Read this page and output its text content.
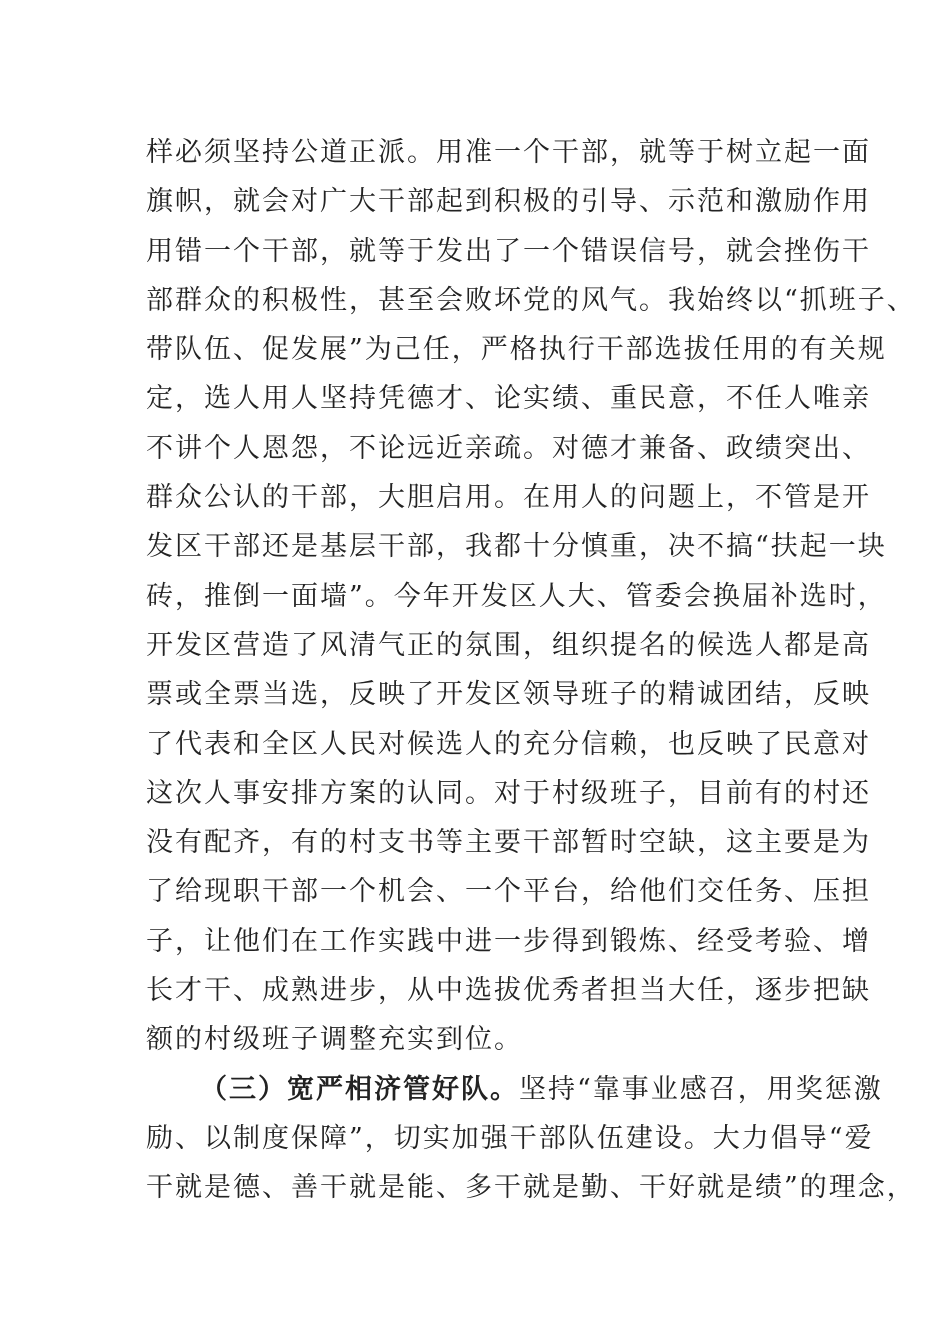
样必须坚持公道正派。用准一个干部，就等于树立起一面
旗帜，就会对广大干部起到积极的引导、示范和激励作用
用错一个干部，就等于发出了一个错误信号，就会挫伤干
部群众的积极性，甚至会败坏党的风气。我始终以“抓班子、
带队伍、促发展”为己任，严格执行干部选拔任用的有关规
定，选人用人坚持凭德才、论实绩、重民意，不任人唯亲
不讲个人恩怨，不论远近亲疏。对德才兼备、政绩突出、
群众公认的干部，大胆启用。在用人的问题上，不管是开
发区干部还是基层干部，我都十分慎重，决不搞“扶起一块
砖，推倒一面墙”。今年开发区人大、管委会换届补选时，
开发区营造了风清气正的氛围，组织提名的候选人都是高
票或全票当选，反映了开发区领导班子的精诚团结，反映
了代表和全区人民对候选人的充分信赖，也反映了民意对
这次人事安排方案的认同。对于村级班子，目前有的村还
没有配齐，有的村支书等主要干部暂时空缺，这主要是为
了给现职干部一个机会、一个平台，给他们交任务、压担
子，让他们在工作实践中进一步得到锻炼、经受考验、增
长才干、成熟进步，从中选拔优秀者担当大任，逐步把缺
额的村级班子调整充实到位。
（三）宽严相济管好队。坚持“靠事业感召，用奖惩激
励、以制度保障”，切实加强干部队伍建设。大力倡导“爱
干就是德、善干就是能、多干就是勤、干好就是绩”的理念，
